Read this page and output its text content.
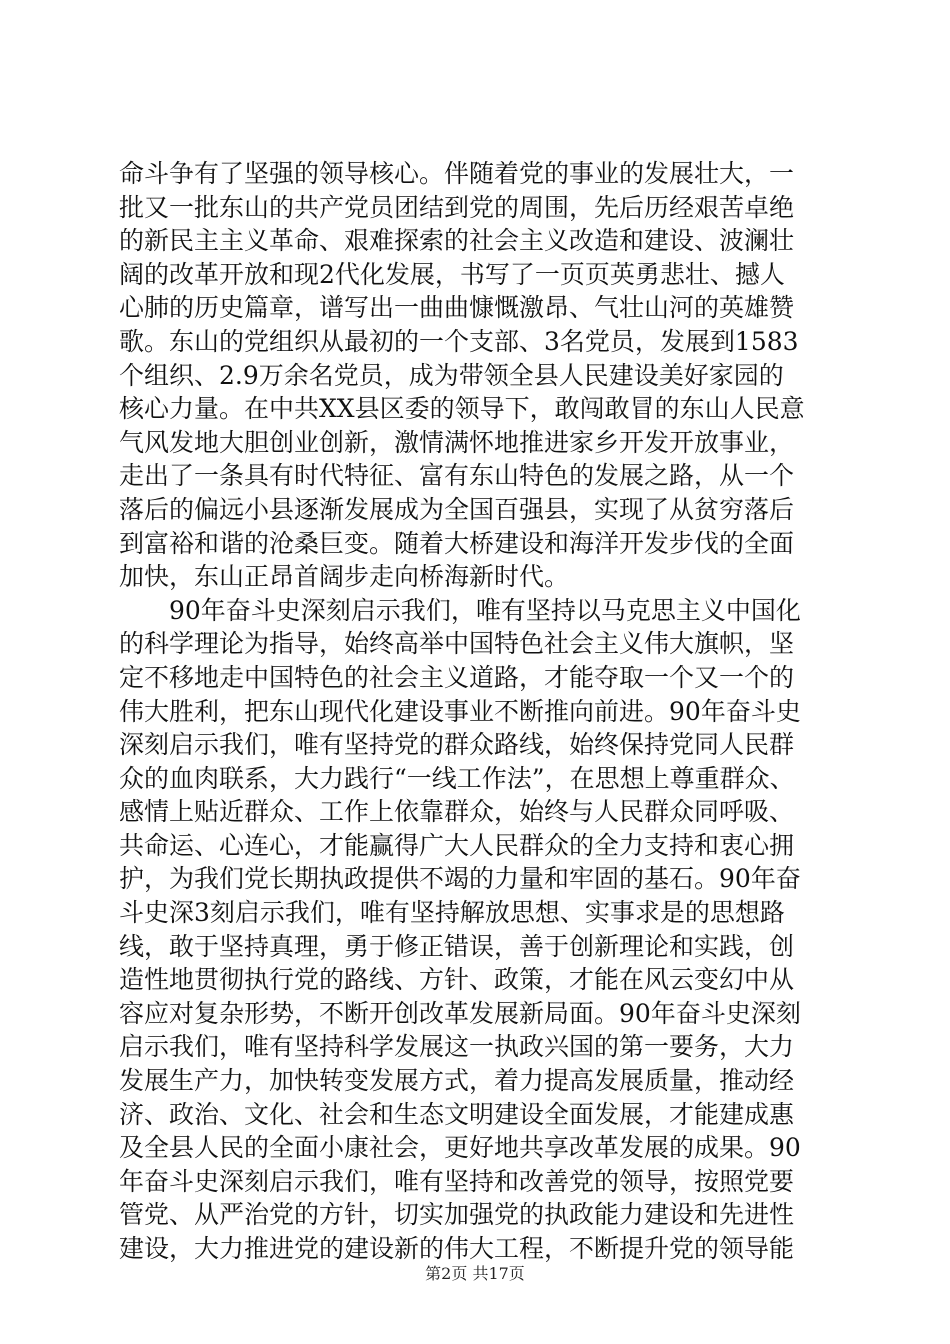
命斗争有了坚强的领导核心。伴随着党的事业的发展壮大，一
批又一批东山的共产党员团结到党的周围，先后历经艰苦卓绝
的新民主主义革命、艰难探索的社会主义改造和建设、波澜壮
阔的改革开放和现2代化发展，书写了一页页英勇悲壮、撼人
心肺的历史篇章，谱写出一曲曲慷慨激昂、气壮山河的英雄赞
歌。东山的党组织从最初的一个支部、3名党员，发展到1583
个组织、2.9万余名党员，成为带领全县人民建设美好家园的
核心力量。在中共XX县区委的领导下，敢闯敢冒的东山人民意
气风发地大胆创业创新，激情满怀地推进家乡开发开放事业，
走出了一条具有时代特征、富有东山特色的发展之路，从一个
落后的偏远小县逐渐发展成为全国百强县，实现了从贫穷落后
到富裕和谐的沧桑巨变。随着大桥建设和海洋开发步伐的全面
加快，东山正昂首阔步走向桥海新时代。
　　90年奋斗史深刻启示我们，唯有坚持以马克思主义中国化
的科学理论为指导，始终高举中国特色社会主义伟大旗帜，坚
定不移地走中国特色的社会主义道路，才能夺取一个又一个的
伟大胜利，把东山现代化建设事业不断推向前进。90年奋斗史
深刻启示我们，唯有坚持党的群众路线，始终保持党同人民群
众的血肉联系，大力践行“一线工作法”，在思想上尊重群众、
感情上贴近群众、工作上依靠群众，始终与人民群众同呼吸、
共命运、心连心，才能赢得广大人民群众的全力支持和衷心拥
护，为我们党长期执政提供不竭的力量和牢固的基石。90年奋
斗史深3刻启示我们，唯有坚持解放思想、实事求是的思想路
线，敢于坚持真理，勇于修正错误，善于创新理论和实践，创
造性地贯彻执行党的路线、方针、政策，才能在风云变幻中从
容应对复杂形势，不断开创改革发展新局面。90年奋斗史深刻
启示我们，唯有坚持科学发展这一执政兴国的第一要务，大力
发展生产力，加快转变发展方式，着力提高发展质量，推动经
济、政治、文化、社会和生态文明建设全面发展，才能建成惠
及全县人民的全面小康社会，更好地共享改革发展的成果。90
年奋斗史深刻启示我们，唯有坚持和改善党的领导，按照党要
管党、从严治党的方针，切实加强党的执政能力建设和先进性
建设，大力推进党的建设新的伟大工程，不断提升党的领导能
第2页 共17页
